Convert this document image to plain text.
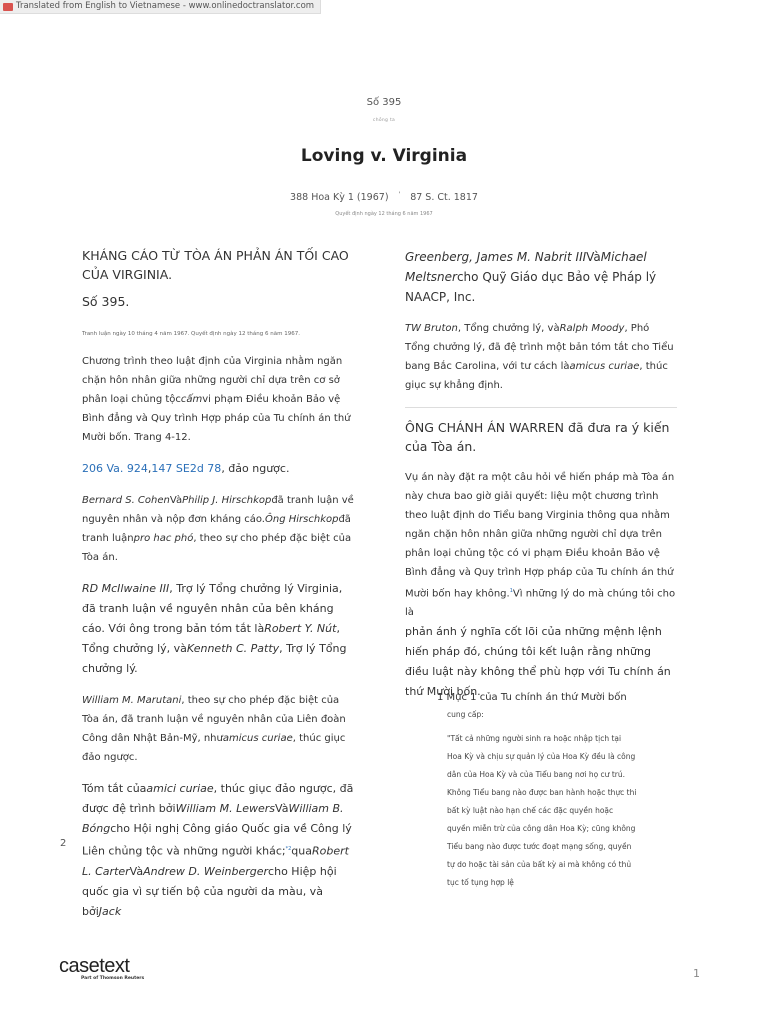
Translated from English to Vietnamese - www.onlinedoctranslator.com
Số 395
chồng ta
Loving v. Virginia
388 Hoa Kỳ 1 (1967) ' 87 S. Ct. 1817
Quyết định ngày 12 tháng 6 năm 1967

KHÁNG CÁO TỪ TÒA ÁN PHẢN ÁN TỐI CAO CỦA VIRGINIA.

Số 395.

Tranh luận ngày 10 tháng 4 năm 1967. Quyết định ngày 12 tháng 6 năm 1967.

Chương trình theo luật định của Virginia nhằm ngăn chặn hôn nhân giữa những người chỉ dựa trên cơ sở phân loại chủng tộccấmvi phạm Điều khoản Bảo vệ Bình đẳng và Quy trình Hợp pháp của Tu chính án thứ Mười bốn. Trang 4-12.

206 Va. 924,147 SE2d 78, đảo ngược.

Bernard S. CohenVàPhilip J. Hirschkopđã tranh luận về nguyên nhân và nộp đơn kháng cáo.Ông Hirschkopđã tranh luậnpro hac phó, theo sự cho phép đặc biệt của Tòa án.

RD McIlwaine III, Trợ lý Tổng chưởng lý Virginia, đã tranh luận về nguyên nhân của bên kháng cáo. Với ông trong bản tóm tắt làRobert Y. Nút, Tổng chưởng lý, vàKenneth C. Patty, Trợ lý Tổng chưởng lý.

William M. Marutani, theo sự cho phép đặc biệt của Tòa án, đã tranh luận về nguyên nhân của Liên đoàn Công dân Nhật Bản-Mỹ, nhưamicus curiae, thúc giục đảo ngược.

Tóm tắt củaamici curiae, thúc giục đảo ngược, đã được đệ trình bởiWilliam M. LewersVàWilliam B. Bóngcho Hội nghị Công giáo Quốc gia về Công lý Liên chủng tộc và những người khác;$^{*2}$quaRobert L. CarterVàAndrew D. Weinbergercho Hiệp hội quốc gia vì sự tiến bộ của người da màu, và bởiJack

Greenberg, James M. Nabrit IIIVàMichael Meltsnercho Quỹ Giáo dục Bảo vệ Pháp lý NAACP, Inc.

TW Bruton, Tổng chưởng lý, vàRalph Moody, Phó Tổng chưởng lý, đã đệ trình một bản tóm tắt cho Tiểu bang Bắc Carolina, với tư cách làamicus curiae, thúc giục sự khẳng định.

ÔNG CHÁNH ÁN WARREN đã đưa ra ý kiến của Tòa án.

Vụ án này đặt ra một câu hỏi về hiến pháp mà Tòa án này chưa bao giờ giải quyết: liệu một chương trình theo luật định do Tiểu bang Virginia thông qua nhằm ngăn chặn hôn nhân giữa những người chỉ dựa trên phân loại chủng tộc có vi phạm Điều khoản Bảo vệ Bình đẳng và Quy trình Hợp pháp của Tu chính án thứ Mười bốn hay không.$^1$Vì những lý do mà chúng tôi cho là

phản ánh ý nghĩa cốt lõi của những mệnh lệnh hiến pháp đó, chúng tôi kết luận rằng những điều luật này không thể phù hợp với Tu chính án thứ Mười bốn.

1 Mục 1 của Tu chính án thứ Mười bốn
cung cấp:
"Tất cả những người sinh ra hoặc nhập tịch tại Hoa Kỳ và chịu sự quản lý của Hoa Kỳ đều là công dân của Hoa Kỳ và của Tiểu bang nơi họ cư trú. Không Tiểu bang nào được ban hành hoặc thực thi bất kỳ luật nào hạn chế các đặc quyền hoặc quyền miễn trừ của công dân Hoa Kỳ; cũng không Tiểu bang nào được tước đoạt mạng sống, quyền tự do hoặc tài sản của bất kỳ ai mà không có thủ tục tố tụng hợp lệ
2
casetext
Part of Thomson Reuters	1
